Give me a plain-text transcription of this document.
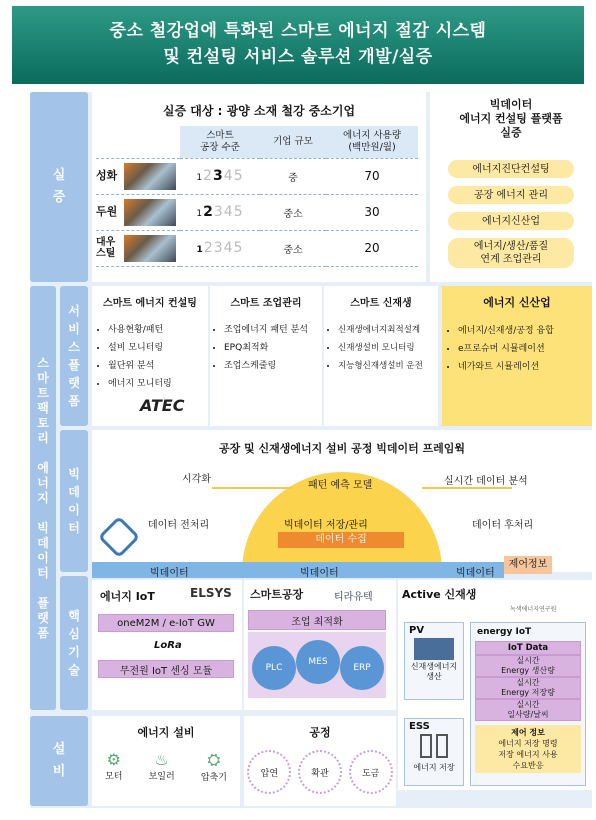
중소 철강업에 특화된 스마트 에너지 절감 시스템
및 컨설팅 서비스 솔루션 개발/실증
실
증
스
마
트
팩
토
리

에
너
지

빅
데
이
터

플
랫
폼
서
비
스
플
랫
폼
빅
데
이
터
핵
심
기
술
설
비
실증 대상 : 광양 소재 철강 중소기업
	스마트
공장 수준	기업 규모	에너지 사용량
(백만원/월)
성화	12345	중	70
두원	12345	중소	30
대우
스틸	12345	중소	20
빅데이터
에너지 컨설팅 플랫폼
실증
에너지진단컨설팅
공장 에너지 관리
에너지신산업
에너지/생산/품질
연계 조업관리
스마트 에너지 컨설팅
• 사용현황/패턴
• 설비 모니터링
• 월단위 분석
• 에너지 모니터링
ATEC
스마트 조업관리
• 조업에너지 패턴 분석
• EPQ최적화
• 조업스케줄링
스마트 신재생
• 신재생에너지최적설계
• 신재생설비 모니터링
• 지능형신재생설비 운전
에너지 신산업
• 에너지/신재생/공정 융합
• e프로슈머 시뮬레이션
• 네가와트 시뮬레이션
공장 및 신재생에너지 설비 공정 빅데이터 프레임웍
시각화
패턴 예측 모델	실시간 데이터 분석
데이터 전처리	데이터 후처리
빅데이터 저장/관리
데이터 수집
빅데이터	빅데이터	빅데이터
제어정보
에너지 IoT	ELSYS
oneM2M / e-IoT GW
LoRa
무전원 IoT 센싱 모듈
스마트공장	티라유텍
조업 최적화
PLC
MES
ERP
Active 신재생
녹색에너지연구원
PV
신재생에너지
생산
ESS
에너지 저장
energy IoT
IoT Data
실시간
Energy 생산량
실시간
Energy 저장량
실시간
일사량/날씨
제어 정보
에너지 저장 명령
저장 에너지 사용
수요반응
에너지 설비
⚙
모터
♨
보일러
⛭
압축기
공정
압연	확관	도금
